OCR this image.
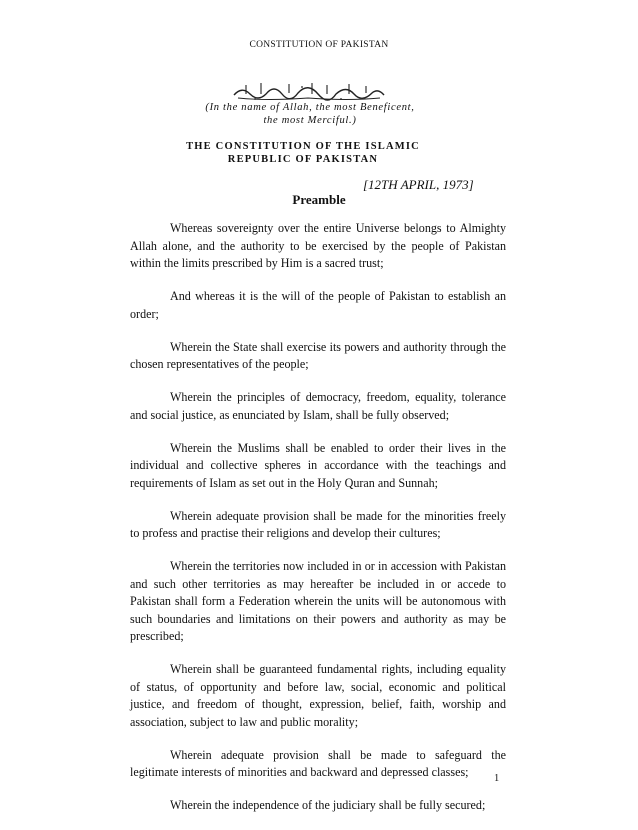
CONSTITUTION OF PAKISTAN
(In the name of Allah, the most Beneficent,
the most Merciful.)
THE CONSTITUTION OF THE ISLAMIC
REPUBLIC OF PAKISTAN
[12TH APRIL, 1973]
Preamble

Whereas sovereignty over the entire Universe belongs to Almighty Allah alone, and the authority to be exercised by the people of Pakistan within the limits prescribed by Him is a sacred trust;

And whereas it is the will of the people of Pakistan to establish an order;

Wherein the State shall exercise its powers and authority through the chosen representatives of the people;

Wherein the principles of democracy, freedom, equality, tolerance and social justice, as enunciated by Islam, shall be fully observed;

Wherein the Muslims shall be enabled to order their lives in the individual and collective spheres in accordance with the teachings and requirements of Islam as set out in the Holy Quran and Sunnah;

Wherein adequate provision shall be made for the minorities freely to profess and practise their religions and develop their cultures;

Wherein the territories now included in or in accession with Pakistan and such other territories as may hereafter be included in or accede to Pakistan shall form a Federation wherein the units will be autonomous with such boundaries and limitations on their powers and authority as may be prescribed;

Wherein shall be guaranteed fundamental rights, including equality of status, of opportunity and before law, social, economic and political justice, and freedom of thought, expression, belief, faith, worship and association, subject to law and public morality;

Wherein adequate provision shall be made to safeguard the legitimate interests of minorities and backward and depressed classes;

Wherein the independence of the judiciary shall be fully secured;

1
